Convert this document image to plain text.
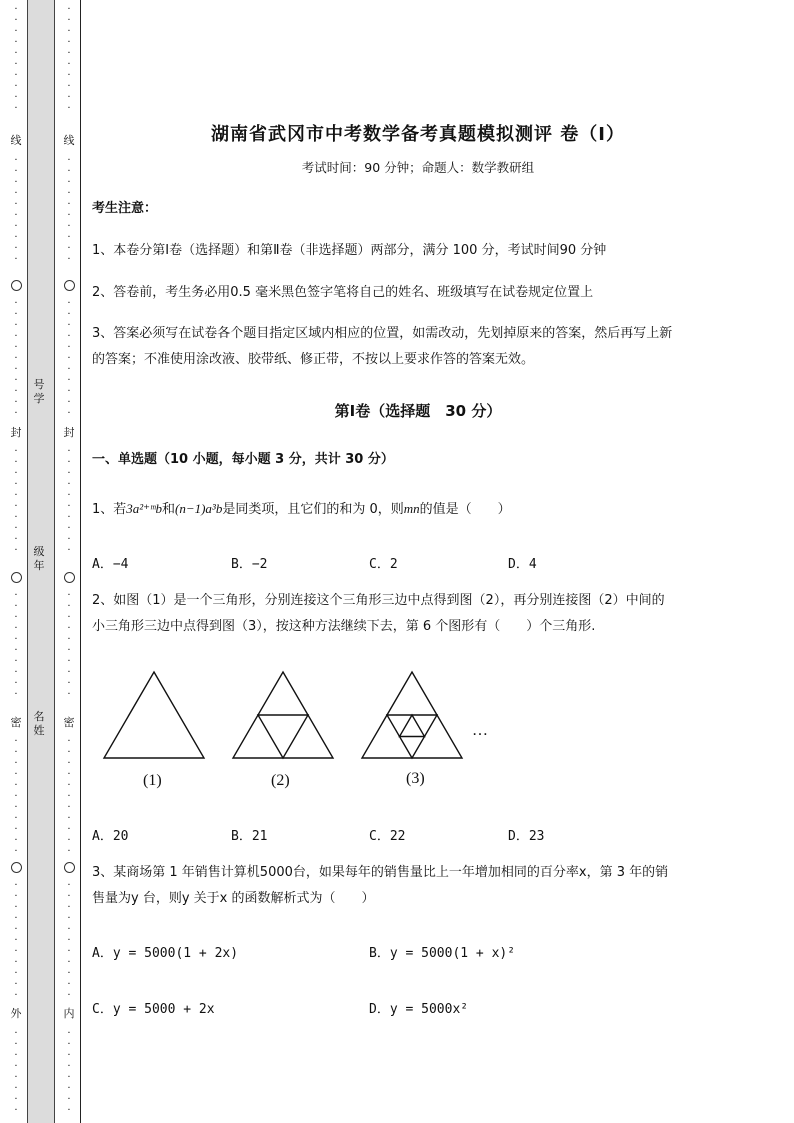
·
·
·
·
·
·
·
·
·
·
线
·
·
·
·
·
·
·
·
·
·
·
·
·
·
·
·
·
·
·
·
·
封
·
·
·
·
·
·
·
·
·
·
·
·
·
·
·
·
·
·
·
·
密
·
·
·
·
·
·
·
·
·
·
·
·
·
·
·
·
·
·
·
·
·
·
外
·
·
·
·
·
·
·
·
号学
级年
名姓
·
·
·
·
·
·
·
·
·
·
线
·
·
·
·
·
·
·
·
·
·
·
·
·
·
·
·
·
·
·
·
·
封
·
·
·
·
·
·
·
·
·
·
·
·
·
·
·
·
·
·
·
·
密
·
·
·
·
·
·
·
·
·
·
·
·
·
·
·
·
·
·
·
·
·
·
内
·
·
·
·
·
·
·
·
湖南省武冈市中考数学备考真题模拟测评 卷（Ⅰ）
考试时间：90 分钟；命题人：数学教研组
考生注意：
1、本卷分第Ⅰ卷（选择题）和第Ⅱ卷（非选择题）两部分，满分 100 分，考试时间90 分钟
2、答卷前，考生务必用0.5 毫米黑色签字笔将自己的姓名、班级填写在试卷规定位置上
3、答案必须写在试卷各个题目指定区域内相应的位置，如需改动，先划掉原来的答案，然后再写上新
的答案；不准使用涂改液、胶带纸、修正带，不按以上要求作答的答案无效。
第Ⅰ卷（选择题　30 分）
一、单选题（10 小题，每小题 3 分，共计 30 分）
1、若3a²⁺ᵐb和(n−1)a³b是同类项，且它们的和为 0，则mn的值是（　　）
A．−4	B．−2	C．2	D．4
2、如图（1）是一个三角形，分别连接这个三角形三边中点得到图（2），再分别连接图（2）中间的
小三角形三边中点得到图（3），按这种方法继续下去，第 6 个图形有（　　）个三角形.
A．20	B．21	C．22	D．23
3、某商场第 1 年销售计算机5000台，如果每年的销售量比上一年增加相同的百分率x，第 3 年的销
售量为y 台，则y 关于x 的函数解析式为（　　）
A．y = 5000(1 + 2x)	B．y = 5000(1 + x)²
C．y = 5000 + 2x	D．y = 5000x²
(1)	(2)	(3)
…
